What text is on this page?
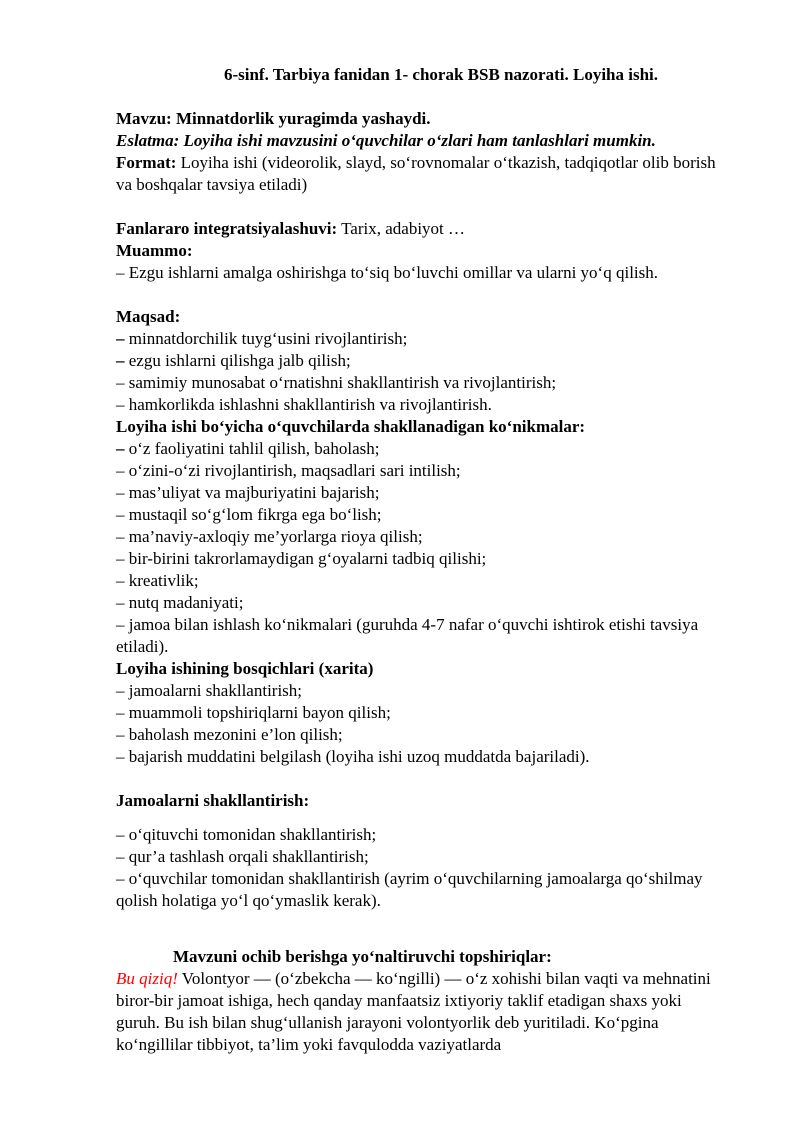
6-sinf. Tarbiya fanidan 1- chorak BSB nazorati. Loyiha ishi.

Mavzu: Minnatdorlik yuragimda yashaydi.

Eslatma: Loyiha ishi mavzusini o‘quvchilar o‘zlari ham tanlashlari mumkin.

Format: Loyiha ishi (videorolik, slayd, so‘rovnomalar o‘tkazish, tadqiqotlar olib borish va boshqalar tavsiya etiladi)

Fanlararo integratsiyalashuvi: Tarix, adabiyot …

Muammo:

– Ezgu ishlarni amalga oshirishga to‘siq bo‘luvchi omillar va ularni yo‘q qilish.

Maqsad:

– minnatdorchilik tuyg‘usini rivojlantirish;

– ezgu ishlarni qilishga jalb qilish;

– samimiy munosabat o‘rnatishni shakllantirish va rivojlantirish;

– hamkorlikda ishlashni shakllantirish va rivojlantirish.

Loyiha ishi bo‘yicha o‘quvchilarda shakllanadigan ko‘nikmalar:

– o‘z faoliyatini tahlil qilish, baholash;

– o‘zini-o‘zi rivojlantirish, maqsadlari sari intilish;

– mas’uliyat va majburiyatini bajarish;

– mustaqil so‘g‘lom fikrga ega bo‘lish;

– ma’naviy-axloqiy me’yorlarga rioya qilish;

– bir-birini takrorlamaydigan g‘oyalarni tadbiq qilishi;

– kreativlik;

– nutq madaniyati;

– jamoa bilan ishlash ko‘nikmalari (guruhda 4-7 nafar o‘quvchi ishtirok etishi tavsiya etiladi).

Loyiha ishining bosqichlari (xarita)

– jamoalarni shakllantirish;

– muammoli topshiriqlarni bayon qilish;

– baholash mezonini e’lon qilish;

– bajarish muddatini belgilash (loyiha ishi uzoq muddatda bajariladi).

Jamoalarni shakllantirish:

– o‘qituvchi tomonidan shakllantirish;

– qur’a tashlash orqali shakllantirish;

– o‘quvchilar tomonidan shakllantirish (ayrim o‘quvchilarning jamoalarga qo‘shilmay qolish holatiga yo‘l qo‘ymaslik kerak).

Mavzuni ochib berishga yo‘naltiruvchi topshiriqlar:

Bu qiziq! Volontyor — (o‘zbekcha — ko‘ngilli) — o‘z xohishi bilan vaqti va mehnatini biror-bir jamoat ishiga, hech qanday manfaatsiz ixtiyoriy taklif etadigan shaxs yoki guruh. Bu ish bilan shug‘ullanish jarayoni volontyorlik deb yuritiladi. Ko‘pgina ko‘ngillilar tibbiyot, ta’lim yoki favqulodda vaziyatlarda
